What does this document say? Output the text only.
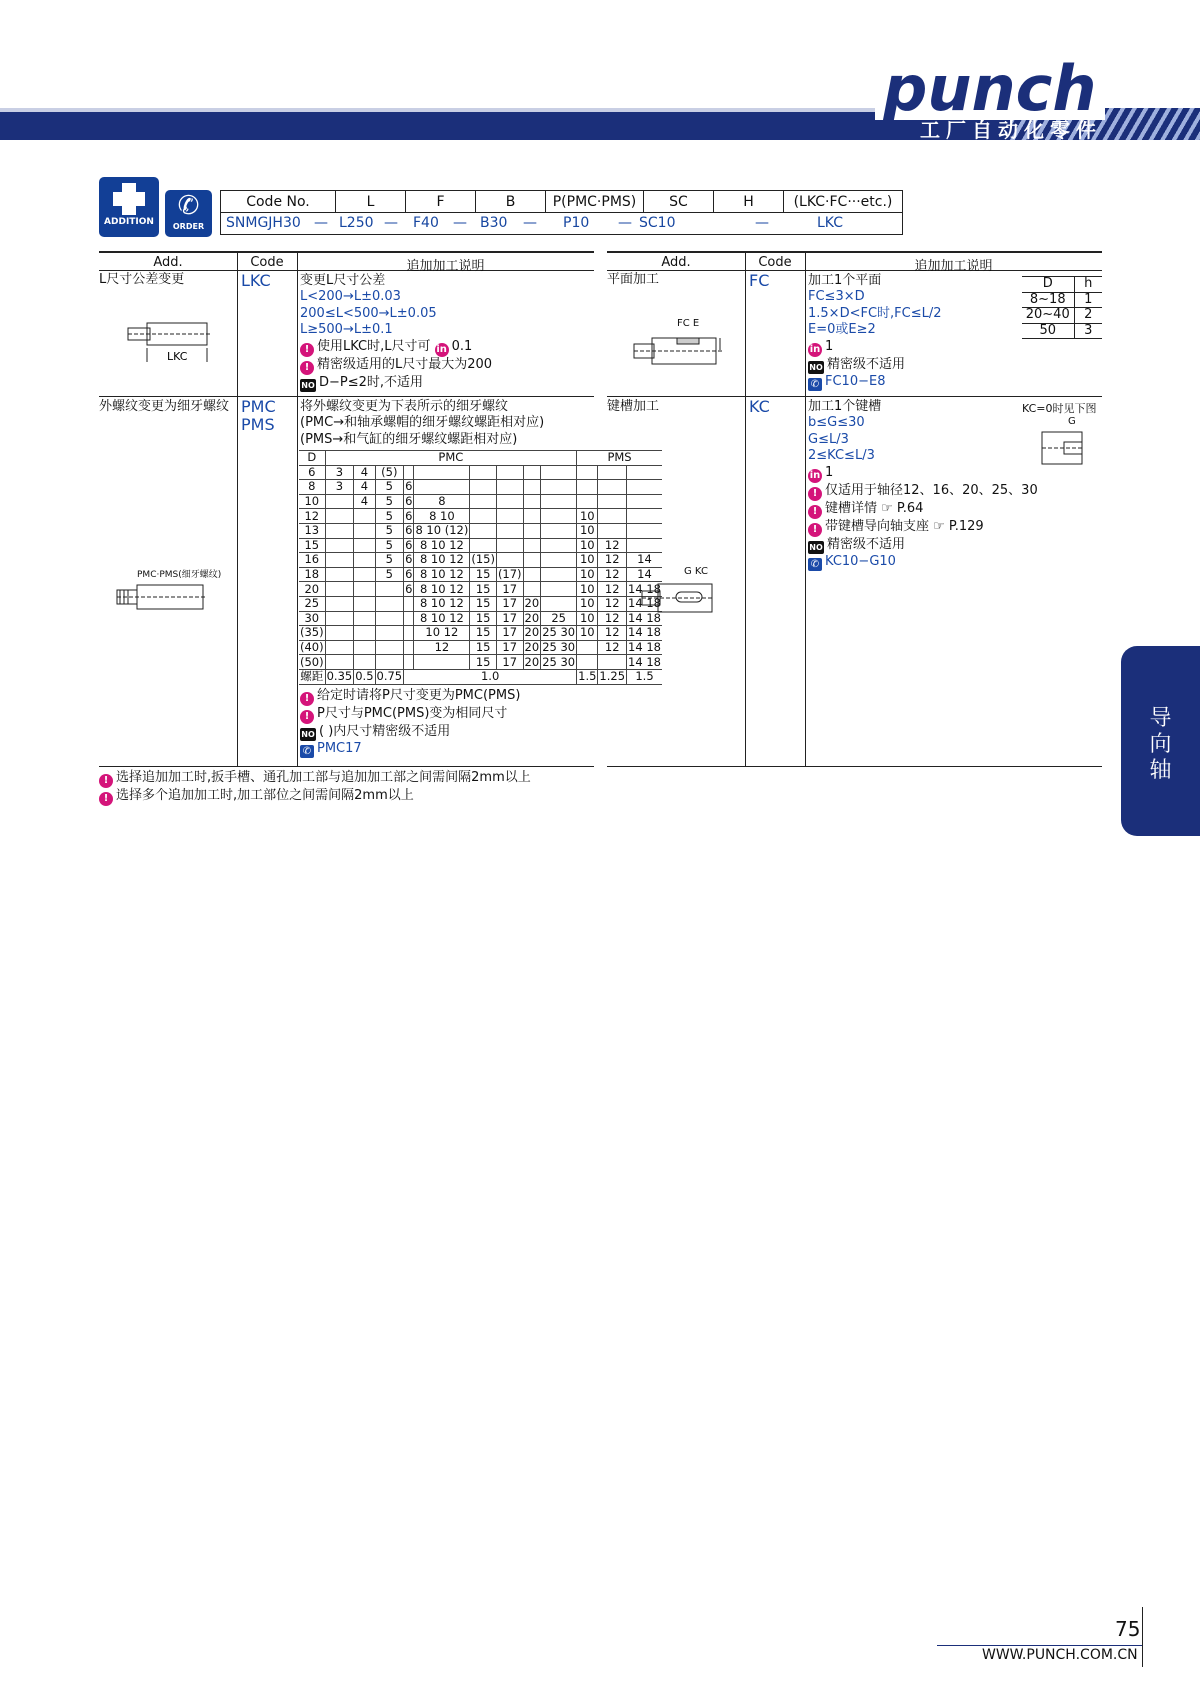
punch
工厂自动化零件
ADDITION
✆
ORDER
Code No.	L	F	B	P(PMC·PMS)	SC	H	(LKC·FC···etc.)

SNMGJH30 — L250 — F40 — B30 — P10 — SC10	—	LKC
Add.	Code	追加加工说明
L尺寸公差变更	LKC 变更L尺寸公差
L<200→L±0.03
200≤L<500→L±0.05
L≥500→L±0.1
! 使用LKC时,L尺寸可 in 0.1
! 精密级适用的L尺寸最大为200
NO D−P≤2时,不适用
LKC
外螺纹变更为细牙螺纹 PMC
PMS
将外螺纹变更为下表所示的细牙螺纹
(PMC→和轴承螺帽的细牙螺纹螺距相对应)
(PMS→和气缸的细牙螺纹螺距相对应)
PMC·PMS(细牙螺纹)
D	PMC									PMS		
6	3	4	(5)									
8	3	4	5	6								
10		4	5	6	8							
12			5	6	8 10					10		
13			5	6	8 10 (12)					10		
15			5	6	8 10 12					10	12	
16			5	6	8 10 12	(15)				10	12	14
18			5	6	8 10 12	15	(17)			10	12	14
20				6	8 10 12	15	17			10	12	14 18
25					8 10 12	15	17	20		10	12	14 18
30					8 10 12	15	17	20	25	10	12	14 18
(35)					10 12	15	17	20	25 30	10	12	14 18
(40)					12	15	17	20	25 30		12	14 18
(50)						15	17	20	25 30			14 18
螺距	0.35	0.5	0.75	1.0						1.5	1.25	1.5
! 给定时请将P尺寸变更为PMC(PMS)
! P尺寸与PMC(PMS)变为相同尺寸
NO ( )内尺寸精密级不适用
✆ PMC17
Add.	Code	追加加工说明
平面加工	FC	加工1个平面
FC≤3×D
1.5×D<FC时,FC≤L/2
E=0或E≥2
in 1
NO 精密级不适用
✆ FC10−E8
D	h
8~18	1
20~40	2
50	3
FC E
键槽加工	KC	加工1个键槽
b≤G≤30
G≤L/3
2≤KC≤L/3
in 1
! 仅适用于轴径12、16、20、25、30
! 键槽详情 ☞ P.64
! 带键槽导向轴支座 ☞ P.129
NO 精密级不适用
✆ KC10−G10
KC=0时见下图
G
G KC
! 选择追加加工时,扳手槽、通孔加工部与追加加工部之间需间隔2mm以上
! 选择多个追加加工时,加工部位之间需间隔2mm以上
导
向
轴
75
WWW.PUNCH.COM.CN
